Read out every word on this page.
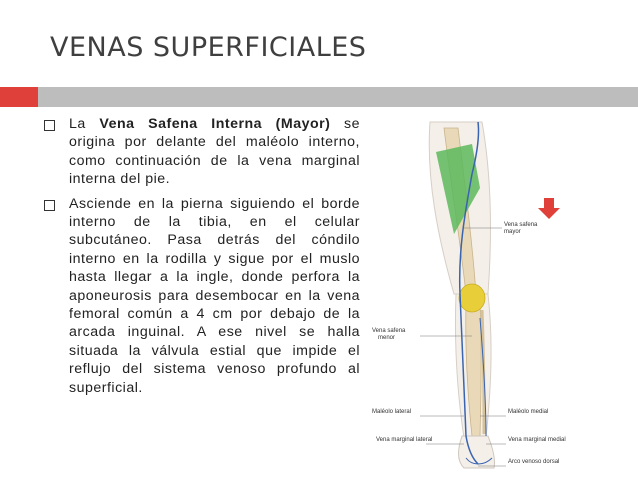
VENAS SUPERFICIALES
La Vena Safena Interna (Mayor) se origina por delante del maléolo interno, como continuación de la vena marginal interna del pie.
Asciende en la pierna siguiendo el borde interno de la tibia, en el celular subcutáneo. Pasa detrás del cóndilo interno en la rodilla y sigue por el muslo hasta llegar a la ingle, donde perfora la aponeurosis para desembocar en la vena femoral común a 4 cm por debajo de la arcada inguinal. A ese nivel se halla situada la válvula estial que impide el reflujo del sistema venoso profundo al superficial.
Vena safena
mayor
Vena safena
menor
Maléolo lateral	Maléolo medial
Vena marginal lateral	Vena marginal medial
Arco venoso dorsal
